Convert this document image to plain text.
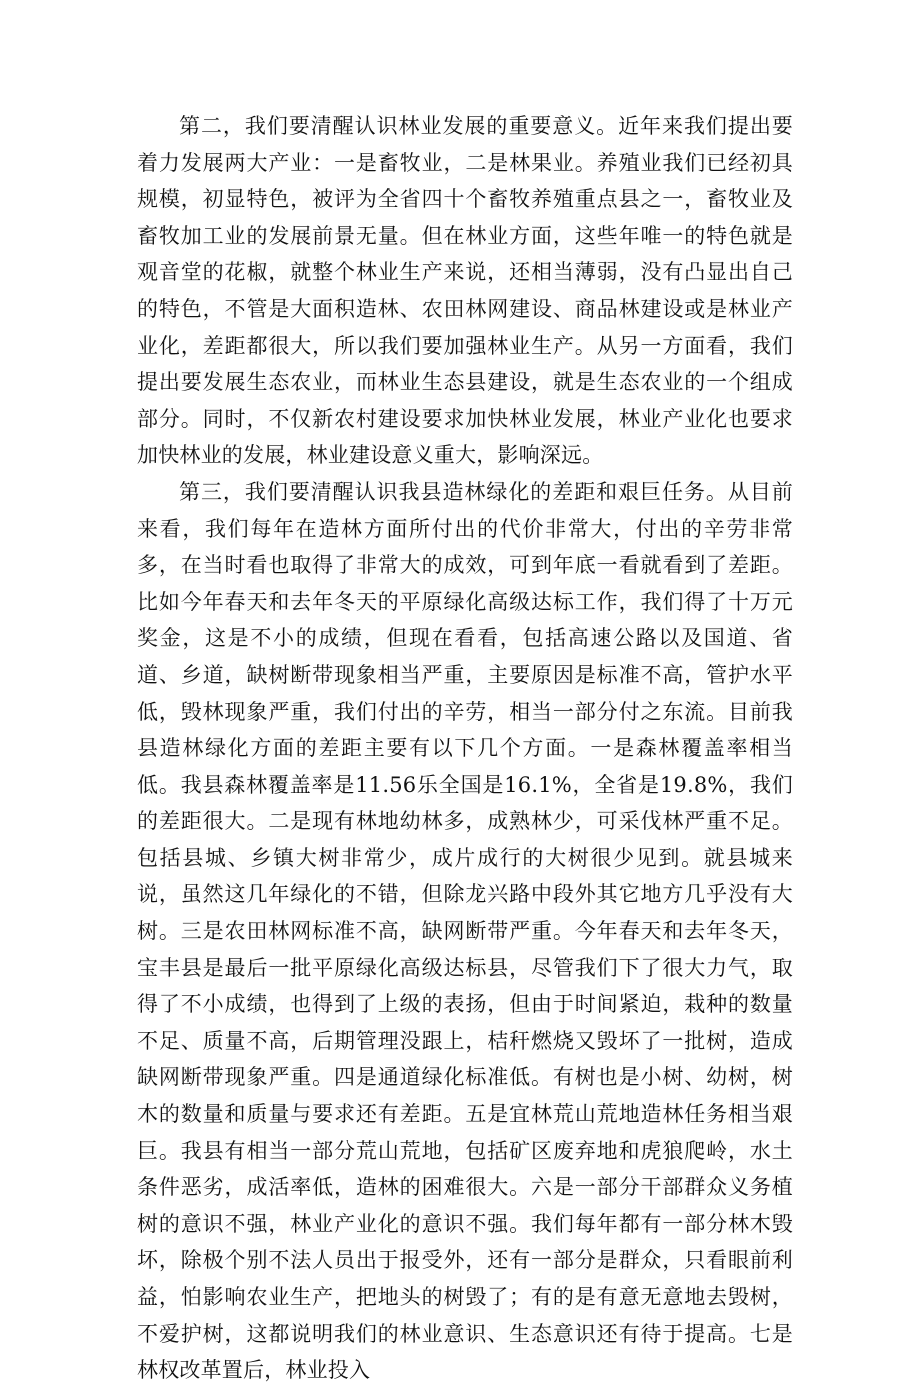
第二，我们要清醒认识林业发展的重要意义。近年来我们提出要着力发展两大产业：一是畜牧业，二是林果业。养殖业我们已经初具规模，初显特色，被评为全省四十个畜牧养殖重点县之一，畜牧业及畜牧加工业的发展前景无量。但在林业方面，这些年唯一的特色就是观音堂的花椒，就整个林业生产来说，还相当薄弱，没有凸显出自己的特色，不管是大面积造林、农田林网建设、商品林建设或是林业产业化，差距都很大，所以我们要加强林业生产。从另一方面看，我们提出要发展生态农业，而林业生态县建设，就是生态农业的一个组成部分。同时，不仅新农村建设要求加快林业发展，林业产业化也要求加快林业的发展，林业建设意义重大，影响深远。

第三，我们要清醒认识我县造林绿化的差距和艰巨任务。从目前来看，我们每年在造林方面所付出的代价非常大，付出的辛劳非常多，在当时看也取得了非常大的成效，可到年底一看就看到了差距。比如今年春天和去年冬天的平原绿化高级达标工作，我们得了十万元奖金，这是不小的成绩，但现在看看，包括高速公路以及国道、省道、乡道，缺树断带现象相当严重，主要原因是标准不高，管护水平低，毁林现象严重，我们付出的辛劳，相当一部分付之东流。目前我县造林绿化方面的差距主要有以下几个方面。一是森林覆盖率相当低。我县森林覆盖率是11.56乐全国是16.1%，全省是19.8%，我们的差距很大。二是现有林地幼林多，成熟林少，可采伐林严重不足。包括县城、乡镇大树非常少，成片成行的大树很少见到。就县城来说，虽然这几年绿化的不错，但除龙兴路中段外其它地方几乎没有大树。三是农田林网标准不高，缺网断带严重。今年春天和去年冬天，宝丰县是最后一批平原绿化高级达标县，尽管我们下了很大力气，取得了不小成绩，也得到了上级的表扬，但由于时间紧迫，栽种的数量不足、质量不高，后期管理没跟上，桔秆燃烧又毁坏了一批树，造成缺网断带现象严重。四是通道绿化标准低。有树也是小树、幼树，树木的数量和质量与要求还有差距。五是宜林荒山荒地造林任务相当艰巨。我县有相当一部分荒山荒地，包括矿区废弃地和虎狼爬岭，水土条件恶劣，成活率低，造林的困难很大。六是一部分干部群众义务植树的意识不强，林业产业化的意识不强。我们每年都有一部分林木毁坏，除极个别不法人员出于报受外，还有一部分是群众，只看眼前利益，怕影响农业生产，把地头的树毁了；有的是有意无意地去毁树，不爱护树，这都说明我们的林业意识、生态意识还有待于提高。七是林权改革置后，林业投入
